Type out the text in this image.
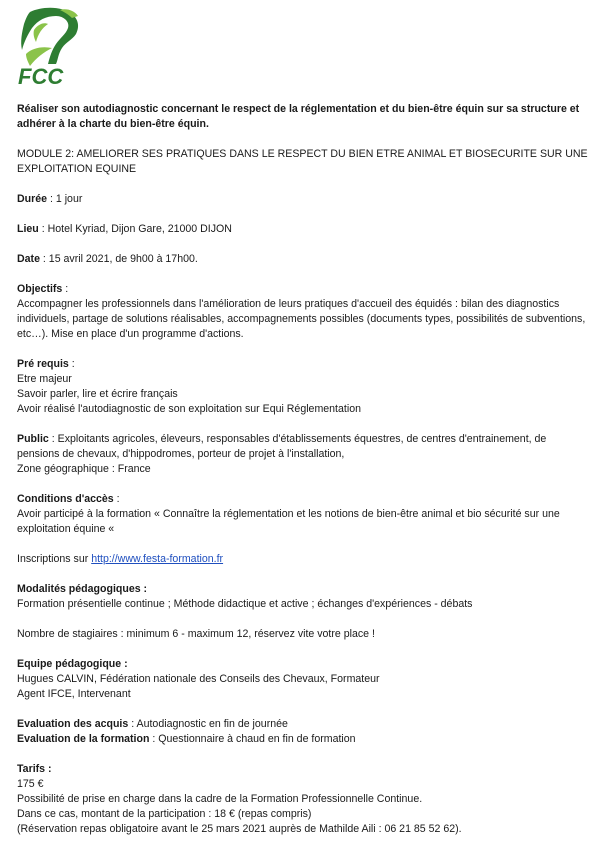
FCC

Réaliser son autodiagnostic concernant le respect de la réglementation et du bien-être équin sur sa structure et adhérer à la charte du bien-être équin.

MODULE 2: AMELIORER SES PRATIQUES DANS LE RESPECT DU BIEN ETRE ANIMAL ET BIOSECURITE SUR UNE EXPLOITATION EQUINE

Durée : 1 jour

Lieu : Hotel Kyriad, Dijon Gare, 21000 DIJON

Date : 15 avril 2021, de 9h00 à 17h00.

Objectifs :
Accompagner les professionnels dans l'amélioration de leurs pratiques d'accueil des équidés : bilan des diagnostics individuels, partage de solutions réalisables, accompagnements possibles (documents types, possibilités de subventions, etc…). Mise en place d'un programme d'actions.
Pré requis :
Etre majeur
Savoir parler, lire et écrire français
Avoir réalisé l'autodiagnostic de son exploitation sur Equi Réglementation
Public : Exploitants agricoles, éleveurs, responsables d'établissements équestres, de centres d'entrainement, de pensions de chevaux, d'hippodromes, porteur de projet à l'installation,
Zone géographique : France
Conditions d'accès :
Avoir participé à la formation « Connaître la réglementation et les notions de bien-être animal et bio sécurité sur une exploitation équine «

Inscriptions sur http://www.festa-formation.fr

Modalités pédagogiques :
Formation présentielle continue ; Méthode didactique et active ; échanges d'expériences - débats

Nombre de stagiaires : minimum 6 - maximum 12, réservez vite votre place !

Equipe pédagogique :
Hugues CALVIN, Fédération nationale des Conseils des Chevaux, Formateur
Agent IFCE, Intervenant
Evaluation des acquis : Autodiagnostic en fin de journée
Evaluation de la formation : Questionnaire à chaud en fin de formation
Tarifs :
175 €
Possibilité de prise en charge dans la cadre de la Formation Professionnelle Continue.
Dans ce cas, montant de la participation : 18 € (repas compris)
(Réservation repas obligatoire avant le 25 mars 2021 auprès de Mathilde Aili : 06 21 85 52 62).
